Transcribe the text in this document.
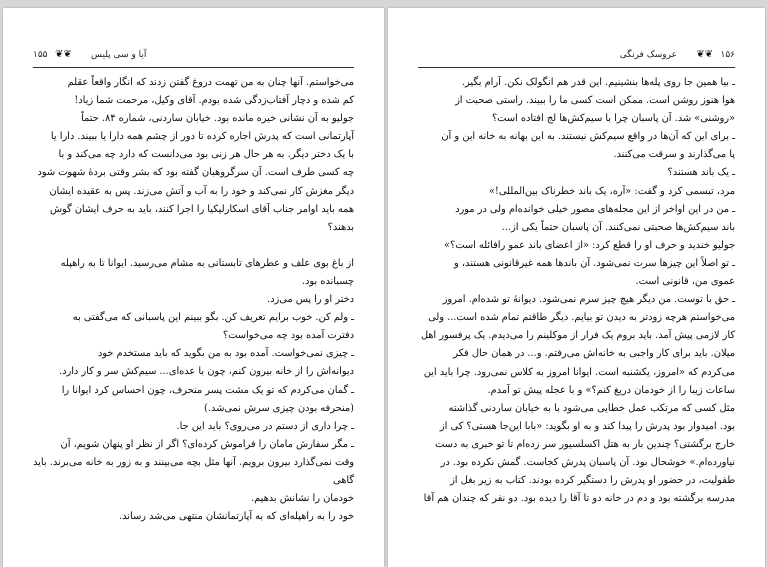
۱۵۵ ❦❦ آیا و سی پلیس

می‌خواستم. آنها چنان به من تهمت دروغ گفتن زدند که انگار واقعاً عقلم

کم شده و دچار آفتاب‌زدگی شده بودم. آقای وکیل، مرحمت شما زیاد!

جولیو به آن نشانی خیره مانده بود. خیابان ساردنی، شماره ۸۴. حتماً

آپارتمانی است که پدرش اجاره کرده تا دور از چشم همه دارا یا ببیند. دارا یا

با یک دختر دیگر. به هر حال هر زنی بود می‌دانست که دارد چه می‌کند و با

چه کسی طرف است. آن سرگروهبان گفته بود که بشر وقتی بردهٔ شهوت شود

دیگر مغزش کار نمی‌کند و خود را به آب و آتش می‌زند. پس به عقیده ایشان

همه باید اوامر جناب آقای اسکارلیکیا را اجرا کنند، باید به حرف ایشان گوش

بدهند؟

از باغ بوی علف و عطرهای تابستانی به مشام می‌رسید. ایوانا تا به راهپله

چسبانده بود.

دختر او را پس می‌زد.

ـ ولم کن. خوب برایم تعریف کن. بگو ببینم این پاسبانی که می‌گفتی به

دفترت آمده بود چه می‌خواست؟

ـ چیزی نمی‌خواست. آمده بود به من بگوید که باید مستخدم خود

دیوانه‌اش را از خانه بیرون کنم، چون با عده‌ای... سیم‌کش سر و کار دارد.

ـ گمان می‌کردم که تو یک مشت پسر منحرف، چون احساس کرد ایوانا را

(منحرفه بودن چیزی سرش نمی‌شد.)

ـ چرا داری از دستم در می‌روی؟ باید این جا.

ـ مگر سفارش مامان را فراموش کرده‌ای؟ اگر از نظر او پنهان شویم، آن

وقت نمی‌گذارد بیرون برویم. آنها مثل بچه می‌بینند و به زور به خانه می‌برند. باید گاهی

خودمان را نشانش بدهیم.

خود را به راهپله‌ای که به آپارتمانشان منتهی می‌شد رساند.

عروسک فرنگی ❦❦ ۱۵۶

ـ بیا همین جا روی پله‌ها بنشینیم. این قدر هم انگولک نکن. آرام بگیر.

هوا هنوز روشن است. ممکن است کسی ما را ببیند. راستی صحبت از

«روشنی» شد. آن پاسبان چرا با سیم‌کش‌ها لج افتاده است؟

ـ برای این که آن‌ها در واقع سیم‌کش نیستند. به این بهانه به خانه این و آن

پا می‌گذارند و سرقت می‌کنند.

ـ یک باند هستند؟

مرد، تبسمی کرد و گفت: «آره، یک باند خطرناک بین‌المللی!»

ـ من در این اواخر از این مجله‌های مصور خیلی خوانده‌ام ولی در مورد

باند سیم‌کش‌ها صحبتی نمی‌کنند. آن پاسبان حتماً یکی از...

جولیو خندید و حرف او را قطع کرد: «از اعضای باند عمو رافائله است؟»

ـ تو اصلاً این چیزها سرت نمی‌شود. آن باندها همه غیرقانونی هستند، و

عمو‌ی من، قانونی است.

ـ حق با توست. من دیگر هیچ چیز سرم نمی‌شود. دیوانهٔ تو شده‌ام. امروز

می‌خواستم هرچه زودتر به دیدن تو بیایم. دیگر طاقتم تمام شده است... ولی

کار لازمی پیش آمد. باید بروم یک فرار از موکلینم را می‌دیدم. یک پرفسور اهل

میلان. باید برای کار واجبی به خانه‌اش می‌رفتم. و... در همان حال فکر

می‌کردم که «امروز، یکشنبه است. ایوانا امروز به کلاس نمی‌رود. چرا باید این

ساعات زیبا را از خودمان دریغ کنم؟» و با عجله پیش تو آمدم.

مثل کسی که مرتکب عمل خطایی می‌شود با به خیابان ساردنی گذاشته

بود. امیدوار بود پدرش را پیدا کند و به او بگوید: «بابا این‌جا هستی؟ کی از

خارج برگشتی؟ چندین بار به هتل اکسلسیور سر زده‌ام تا تو خبری به دست

نیاورده‌ام.» خوشحال بود. آن پاسبان پدرش کجاست. گمش نکرده بود. در

طفولیت، در حضور او پدرش را دستگیر کرده بودند. کتاب به زیر بغل از

مدرسه برگشته بود و دم در خانه دو تا آقا را دیده بود. دو نفر که چندان هم آقا
